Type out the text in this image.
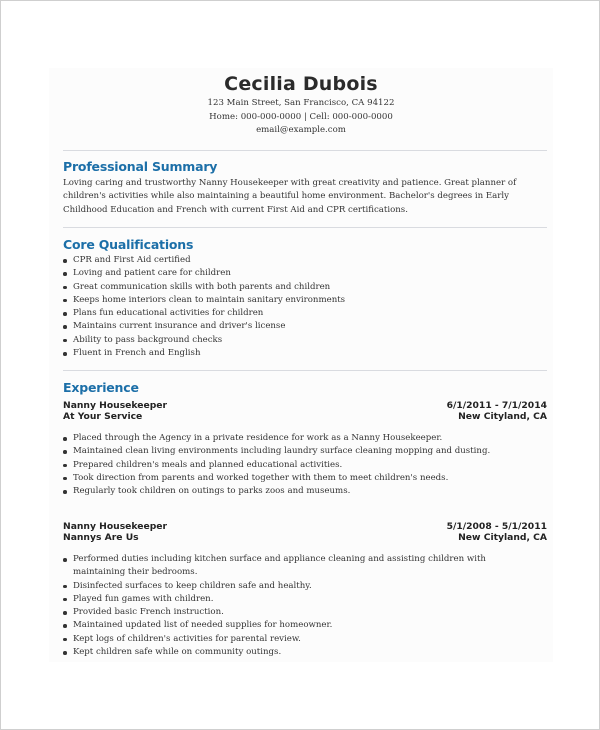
Cecilia Dubois
123 Main Street, San Francisco, CA 94122
Home: 000-000-0000 | Cell: 000-000-0000
email@example.com
Professional Summary
Loving caring and trustworthy Nanny Housekeeper with great creativity and patience. Great planner of children's activities while also maintaining a beautiful home environment. Bachelor's degrees in Early Childhood Education and French with current First Aid and CPR certifications.
Core Qualifications
CPR and First Aid certified
Loving and patient care for children
Great communication skills with both parents and children
Keeps home interiors clean to maintain sanitary environments
Plans fun educational activities for children
Maintains current insurance and driver's license
Ability to pass background checks
Fluent in French and English
Experience
Nanny Housekeeper
At Your Service
6/1/2011 - 7/1/2014
New Cityland, CA
Placed through the Agency in a private residence for work as a Nanny Housekeeper.
Maintained clean living environments including laundry surface cleaning mopping and dusting.
Prepared children's meals and planned educational activities.
Took direction from parents and worked together with them to meet children's needs.
Regularly took children on outings to parks zoos and museums.
Nanny Housekeeper
Nannys Are Us
5/1/2008 - 5/1/2011
New Cityland, CA
Performed duties including kitchen surface and appliance cleaning and assisting children with maintaining their bedrooms.
Disinfected surfaces to keep children safe and healthy.
Played fun games with children.
Provided basic French instruction.
Maintained updated list of needed supplies for homeowner.
Kept logs of children's activities for parental review.
Kept children safe while on community outings.
